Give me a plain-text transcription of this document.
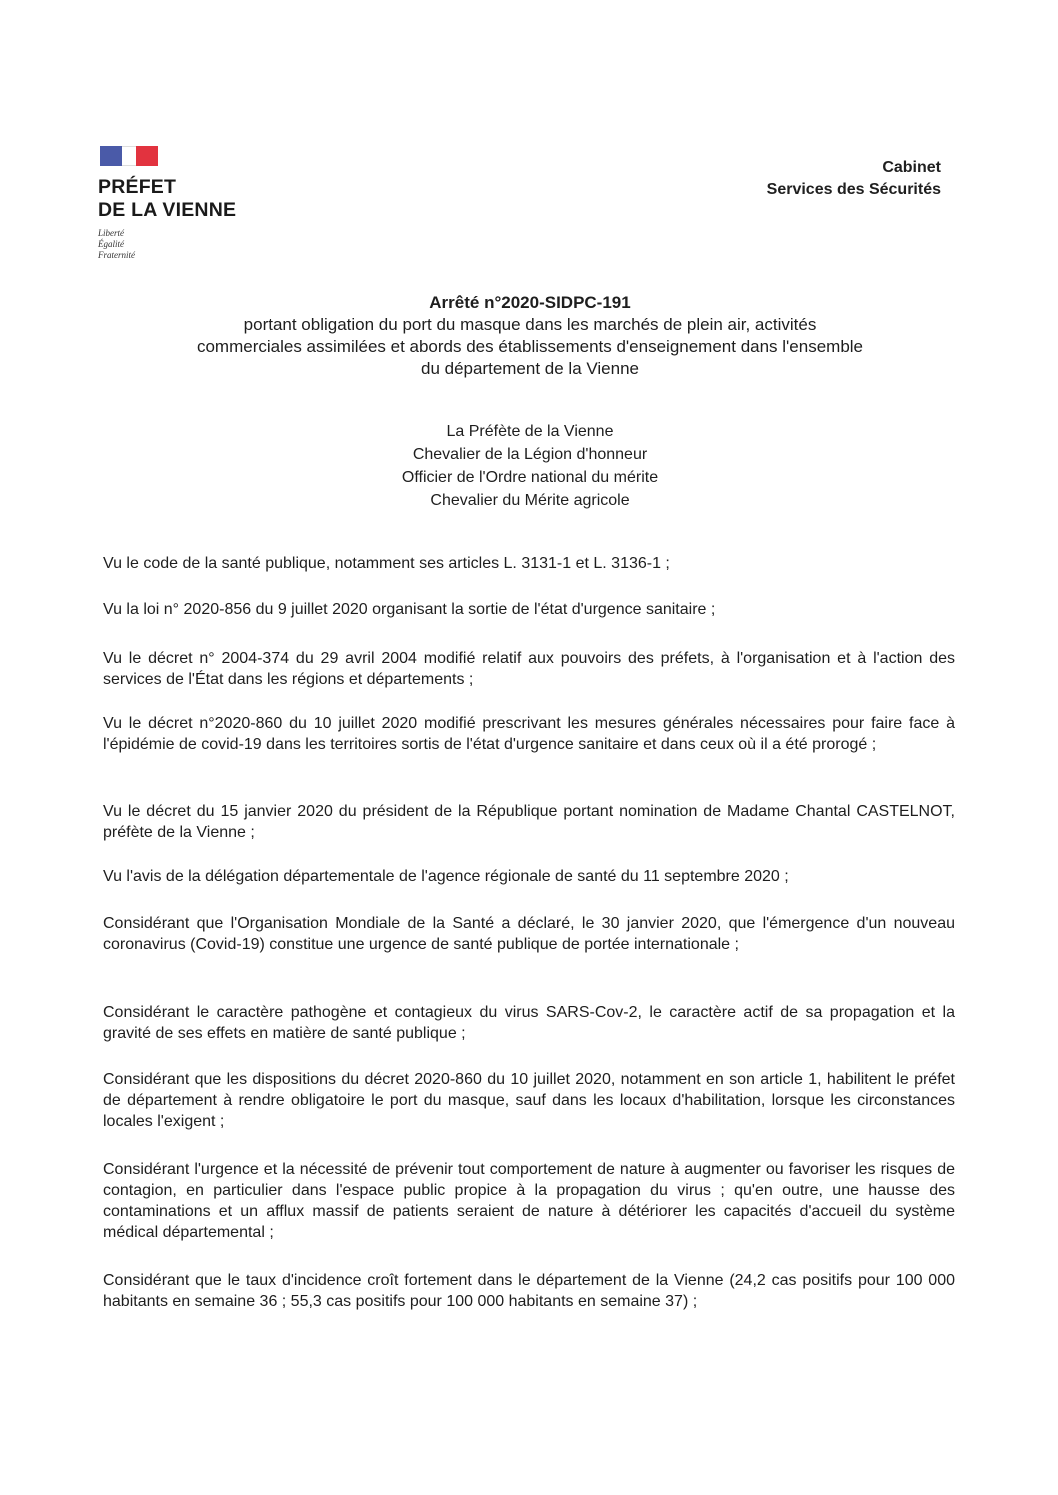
PRÉFET
DE LA VIENNE
Liberté
Égalité
Fraternité
Cabinet
Services des Sécurités
Arrêté n°2020-SIDPC-191
portant obligation du port du masque dans les marchés de plein air, activités
commerciales assimilées et abords des établissements d'enseignement dans l'ensemble
du département de la Vienne
La Préfète de la Vienne
Chevalier de la Légion d'honneur
Officier de l'Ordre national du mérite
Chevalier du Mérite agricole
Vu le code de la santé publique, notamment ses articles L. 3131-1 et L. 3136-1 ;
Vu la loi n° 2020-856 du 9 juillet 2020 organisant la sortie de l'état d'urgence sanitaire ;
Vu le décret n° 2004-374 du 29 avril 2004 modifié relatif aux pouvoirs des préfets, à l'organisation et à l'action des services de l'État dans les régions et départements ;
Vu le décret n°2020-860 du 10 juillet 2020 modifié prescrivant les mesures générales nécessaires pour faire face à l'épidémie de covid-19 dans les territoires sortis de l'état d'urgence sanitaire et dans ceux où il a été prorogé ;
Vu le décret du 15 janvier 2020 du président de la République portant nomination de Madame Chantal CASTELNOT, préfète de la Vienne ;
Vu l'avis de la délégation départementale de l'agence régionale de santé du 11 septembre 2020 ;
Considérant que l'Organisation Mondiale de la Santé a déclaré, le 30 janvier 2020, que l'émergence d'un nouveau coronavirus (Covid-19) constitue une urgence de santé publique de portée internationale ;
Considérant le caractère pathogène et contagieux du virus SARS-Cov-2, le caractère actif de sa propagation et la gravité de ses effets en matière de santé publique ;
Considérant que les dispositions du décret 2020-860 du 10 juillet 2020, notamment en son article 1, habilitent le préfet de département à rendre obligatoire le port du masque, sauf dans les locaux d'habilitation, lorsque les circonstances locales l'exigent ;
Considérant l'urgence et la nécessité de prévenir tout comportement de nature à augmenter ou favoriser les risques de contagion, en particulier dans l'espace public propice à la propagation du virus ; qu'en outre, une hausse des contaminations et un afflux massif de patients seraient de nature à détériorer les capacités d'accueil du système médical départemental ;
Considérant que le taux d'incidence croît fortement dans le département de la Vienne (24,2 cas positifs pour 100 000 habitants en semaine 36 ; 55,3 cas positifs pour 100 000 habitants en semaine 37) ;
